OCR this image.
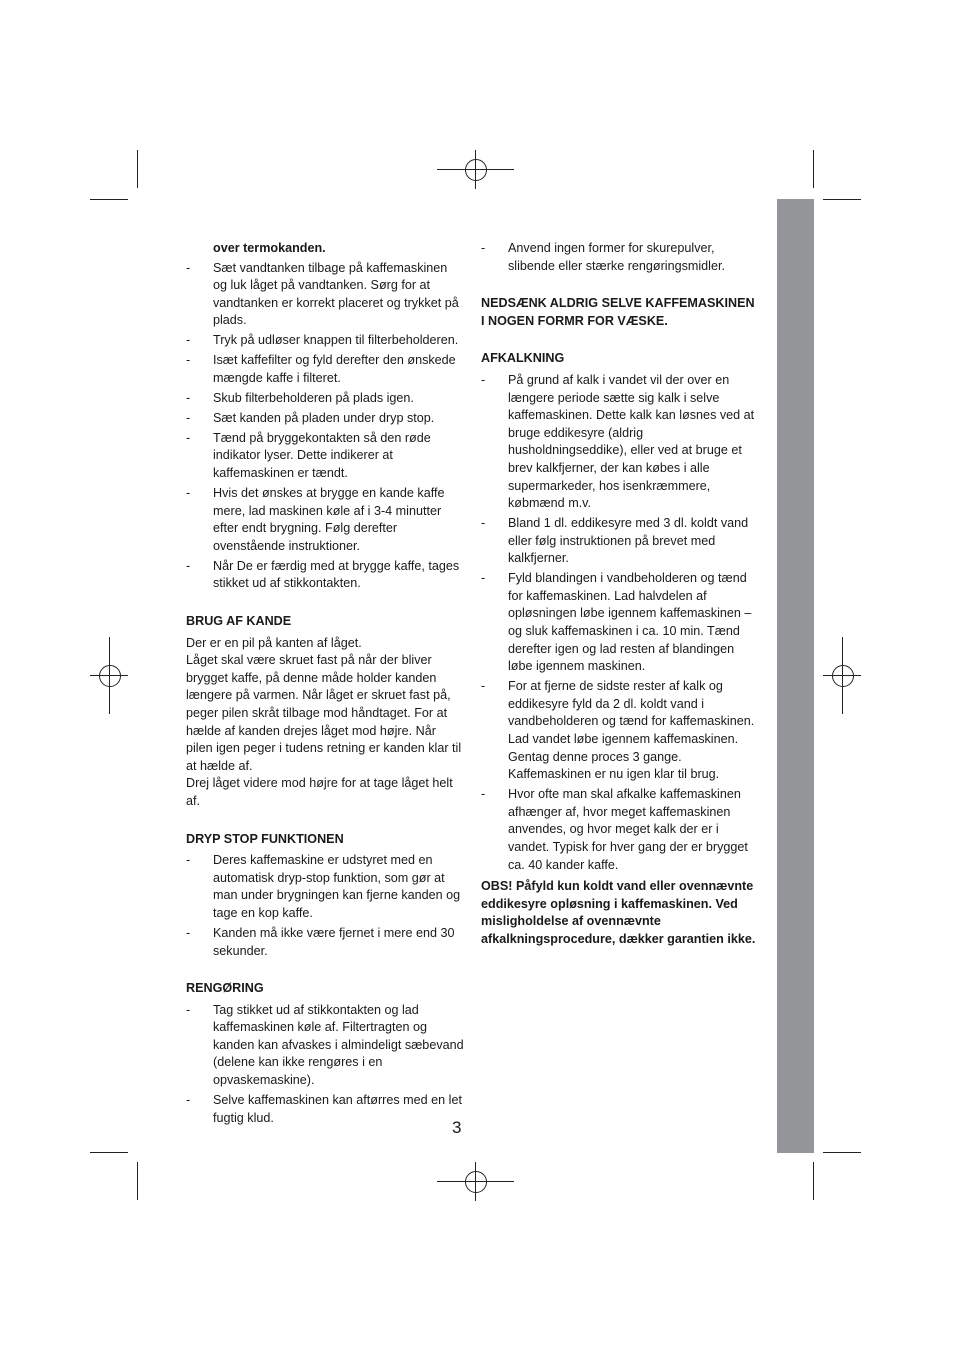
over termokanden.

- Sæt vandtanken tilbage på kaffemaskinen og luk låget på vandtanken. Sørg for at vandtanken er korrekt placeret og trykket på plads.
- Tryk på udløser knappen til filterbeholderen.
- Isæt kaffefilter og fyld derefter den ønskede mængde kaffe i filteret.
- Skub filterbeholderen på plads igen.
- Sæt kanden på pladen under dryp stop.
- Tænd på bryggekontakten så den røde indikator lyser. Dette indikerer at kaffemaskinen er tændt.
- Hvis det ønskes at brygge en kande kaffe mere, lad maskinen køle af i 3-4 minutter efter endt brygning. Følg derefter ovenstående instruktioner.
- Når De er færdig med at brygge kaffe, tages stikket ud af stikkontakten.
BRUG AF KANDE

Der er en pil på kanten af låget.

Låget skal være skruet fast på når der bliver brygget kaffe, på denne måde holder kanden længere på varmen. Når låget er skruet fast på, peger pilen skråt tilbage mod håndtaget. For at hælde af kanden drejes låget mod højre. Når pilen igen peger i tudens retning er kanden klar til at hælde af.

Drej låget videre mod højre for at tage låget helt af.

DRYP STOP FUNKTIONEN
- Deres kaffemaskine er udstyret med en automatisk dryp-stop funktion, som gør at man under brygningen kan fjerne kanden og tage en kop kaffe.
- Kanden må ikke være fjernet i mere end 30 sekunder.
RENGØRING
- Tag stikket ud af stikkontakten og lad kaffemaskinen køle af. Filtertragten og kanden kan afvaskes i almindeligt sæbevand (delene kan ikke rengøres i en opvaskemaskine).
- Selve kaffemaskinen kan aftørres med en let fugtig klud.
- Anvend ingen former for skurepulver, slibende eller stærke rengøringsmidler.

NEDSÆNK ALDRIG SELVE KAFFEMASKINEN I NOGEN FORMR FOR VÆSKE.

AFKALKNING
- På grund af kalk i vandet vil der over en længere periode sætte sig kalk i selve kaffemaskinen. Dette kalk kan løsnes ved at bruge eddikesyre (aldrig husholdningseddike), eller ved at bruge et brev kalkfjerner, der kan købes i alle supermarkeder, hos isenkræmmere, købmænd m.v.
- Bland 1 dl. eddikesyre med 3 dl. koldt vand eller følg instruktionen på brevet med kalkfjerner.
- Fyld blandingen i vandbeholderen og tænd for kaffemaskinen. Lad halvdelen af opløsningen løbe igennem kaffemaskinen – og sluk kaffemaskinen i ca. 10 min. Tænd derefter igen og lad resten af blandingen løbe igennem maskinen.
- For at fjerne de sidste rester af kalk og eddikesyre fyld da 2 dl. koldt vand i vandbeholderen og tænd for kaffemaskinen. Lad vandet løbe igennem kaffemaskinen. Gentag denne proces 3 gange. Kaffemaskinen er nu igen klar til brug.
- Hvor ofte man skal afkalke kaffemaskinen afhænger af, hvor meget kaffemaskinen anvendes, og hvor meget kalk der er i vandet. Typisk for hver gang der er brygget ca. 40 kander kaffe.

OBS! Påfyld kun koldt vand eller ovennævnte eddikesyre opløsning i kaffemaskinen. Ved misligholdelse af ovennævnte afkalkningsprocedure, dækker garantien ikke.

3
